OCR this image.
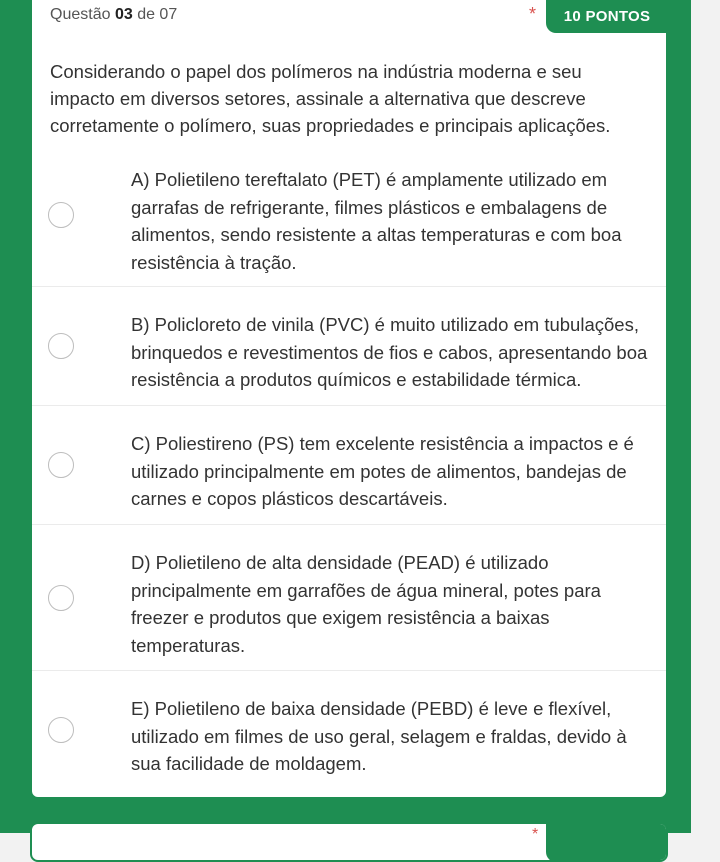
Questão 03 de 07	*	10 PONTOS
Considerando o papel dos polímeros na indústria moderna e seu impacto em diversos setores, assinale a alternativa que descreve corretamente o polímero, suas propriedades e principais aplicações.
A) Polietileno tereftalato (PET) é amplamente utilizado em garrafas de refrigerante, filmes plásticos e embalagens de alimentos, sendo resistente a altas temperaturas e com boa resistência à tração.
B) Policloreto de vinila (PVC) é muito utilizado em tubulações, brinquedos e revestimentos de fios e cabos, apresentando boa resistência a produtos químicos e estabilidade térmica.
C) Poliestireno (PS) tem excelente resistência a impactos e é utilizado principalmente em potes de alimentos, bandejas de carnes e copos plásticos descartáveis.
D) Polietileno de alta densidade (PEAD) é utilizado principalmente em garrafões de água mineral, potes para freezer e produtos que exigem resistência a baixas temperaturas.
E) Polietileno de baixa densidade (PEBD) é leve e flexível, utilizado em filmes de uso geral, selagem e fraldas, devido à sua facilidade de moldagem.
*
